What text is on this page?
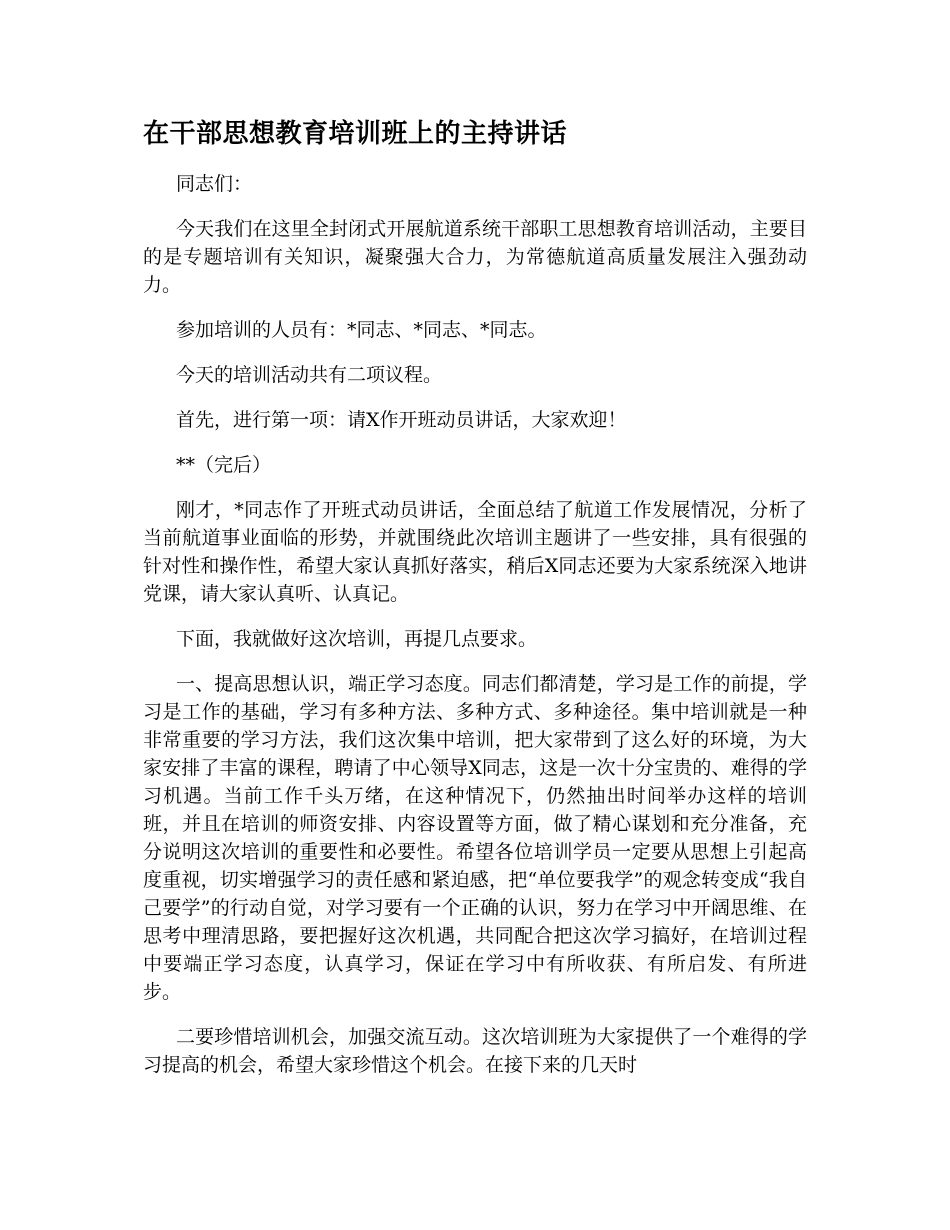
在干部思想教育培训班上的主持讲话

同志们：

今天我们在这里全封闭式开展航道系统干部职工思想教育培训活动，主要目的是专题培训有关知识，凝聚强大合力，为常德航道高质量发展注入强劲动力。

参加培训的人员有：*同志、*同志、*同志。

今天的培训活动共有二项议程。

首先，进行第一项：请X作开班动员讲话，大家欢迎！

**（完后）

刚才，*同志作了开班式动员讲话，全面总结了航道工作发展情况，分析了当前航道事业面临的形势，并就围绕此次培训主题讲了一些安排，具有很强的针对性和操作性，希望大家认真抓好落实，稍后X同志还要为大家系统深入地讲党课，请大家认真听、认真记。

下面，我就做好这次培训，再提几点要求。

一、提高思想认识，端正学习态度。同志们都清楚，学习是工作的前提，学习是工作的基础，学习有多种方法、多种方式、多种途径。集中培训就是一种非常重要的学习方法，我们这次集中培训，把大家带到了这么好的环境，为大家安排了丰富的课程，聘请了中心领导X同志，这是一次十分宝贵的、难得的学习机遇。当前工作千头万绪，在这种情况下，仍然抽出时间举办这样的培训班，并且在培训的师资安排、内容设置等方面，做了精心谋划和充分准备，充分说明这次培训的重要性和必要性。希望各位培训学员一定要从思想上引起高度重视，切实增强学习的责任感和紧迫感，把“单位要我学”的观念转变成“我自己要学”的行动自觉，对学习要有一个正确的认识，努力在学习中开阔思维、在思考中理清思路，要把握好这次机遇，共同配合把这次学习搞好，在培训过程中要端正学习态度，认真学习，保证在学习中有所收获、有所启发、有所进步。

二要珍惜培训机会，加强交流互动。这次培训班为大家提供了一个难得的学习提高的机会，希望大家珍惜这个机会。在接下来的几天时
